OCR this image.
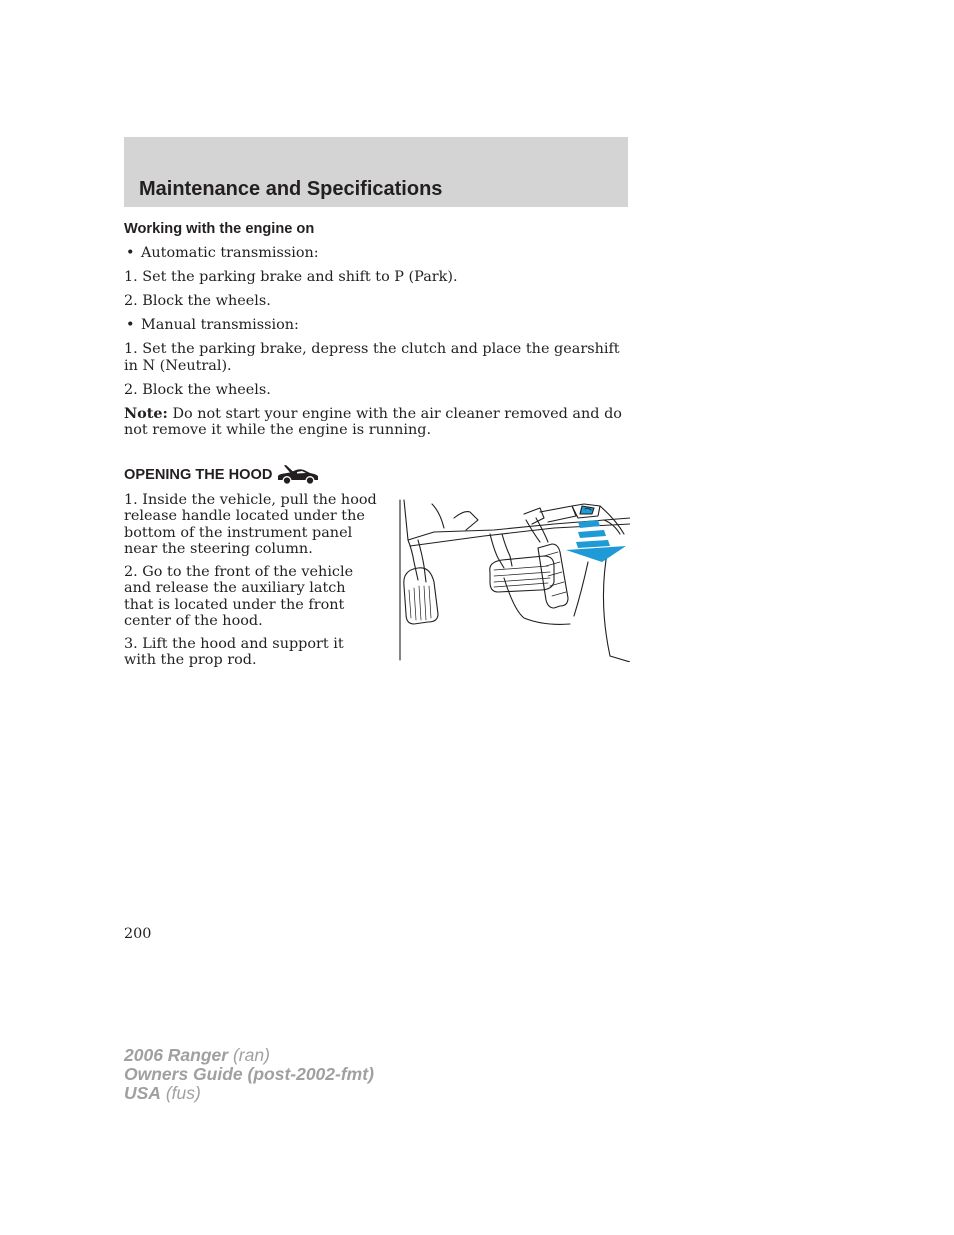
Maintenance and Specifications
Working with the engine on

• Automatic transmission:

1. Set the parking brake and shift to P (Park).

2. Block the wheels.

• Manual transmission:

1. Set the parking brake, depress the clutch and place the gearshift in N (Neutral).

2. Block the wheels.

Note: Do not start your engine with the air cleaner removed and do not remove it while the engine is running.

OPENING THE HOOD

1. Inside the vehicle, pull the hood release handle located under the bottom of the instrument panel near the steering column.

2. Go to the front of the vehicle and release the auxiliary latch that is located under the front center of the hood.

3. Lift the hood and support it with the prop rod.

200

2006 Ranger (ran)
Owners Guide (post-2002-fmt)
USA (fus)
